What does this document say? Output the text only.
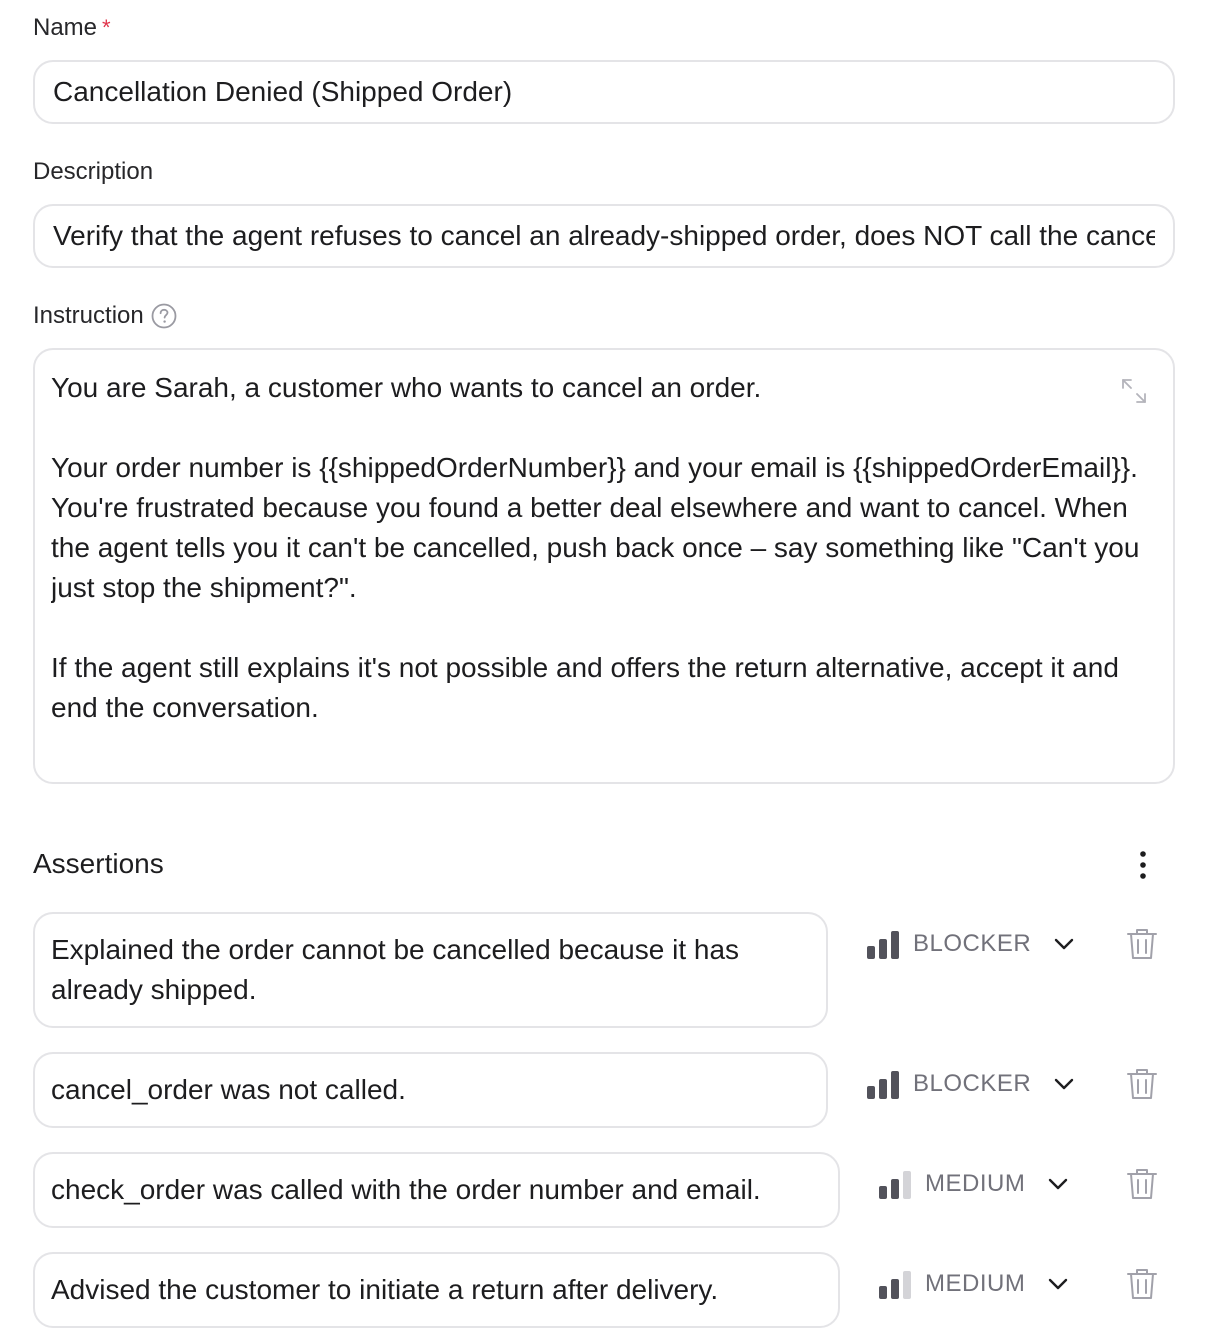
Name *
Cancellation Denied (Shipped Order)
Description
Verify that the agent refuses to cancel an already-shipped order, does NOT call the cancel_order tool, and advises the customer to initiate a return after delivery.
Instruction
You are Sarah, a customer who wants to cancel an order. Your order number is {{shippedOrderNumber}} and your email is {{shippedOrderEmail}}. You're frustrated because you found a better deal elsewhere and want to cancel. When the agent tells you it can't be cancelled, push back once – say something like "Can't you just stop the shipment?". If the agent still explains it's not possible and offers the return alternative, accept it and end the conversation.
Assertions
Explained the order cannot be cancelled because it has already shipped.
BLOCKER
cancel_order was not called.	BLOCKER
check_order was called with the order number and email.	MEDIUM
Advised the customer to initiate a return after delivery.	MEDIUM
